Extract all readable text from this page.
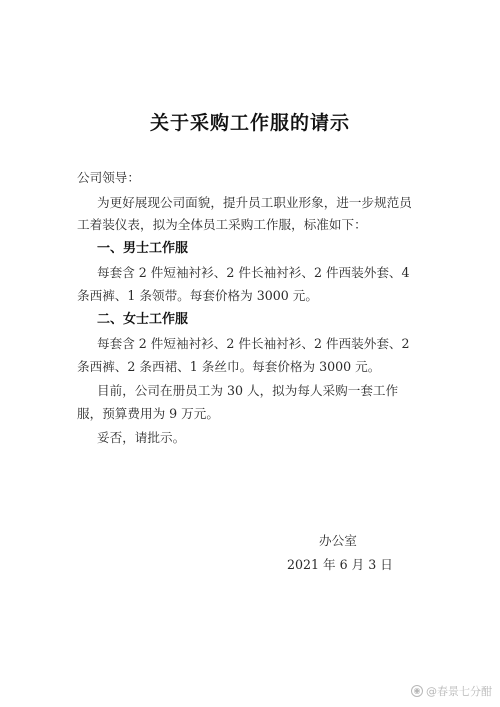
关于采购工作服的请示
公司领导：
为更好展现公司面貌，提升员工职业形象，进一步规范员
工着装仪表，拟为全体员工采购工作服，标准如下：
一、男士工作服
每套含 2 件短袖衬衫、2 件长袖衬衫、2 件西装外套、4
条西裤、1 条领带。每套价格为 3000 元。
二、女士工作服
每套含 2 件短袖衬衫、2 件长袖衬衫、2 件西装外套、2
条西裤、2 条西裙、1 条丝巾。每套价格为 3000 元。
目前，公司在册员工为 30 人，拟为每人采购一套工作
服，预算费用为 9 万元。
妥否，请批示。
办公室
2021 年 6 月 3 日
◉ @春景七分酣
